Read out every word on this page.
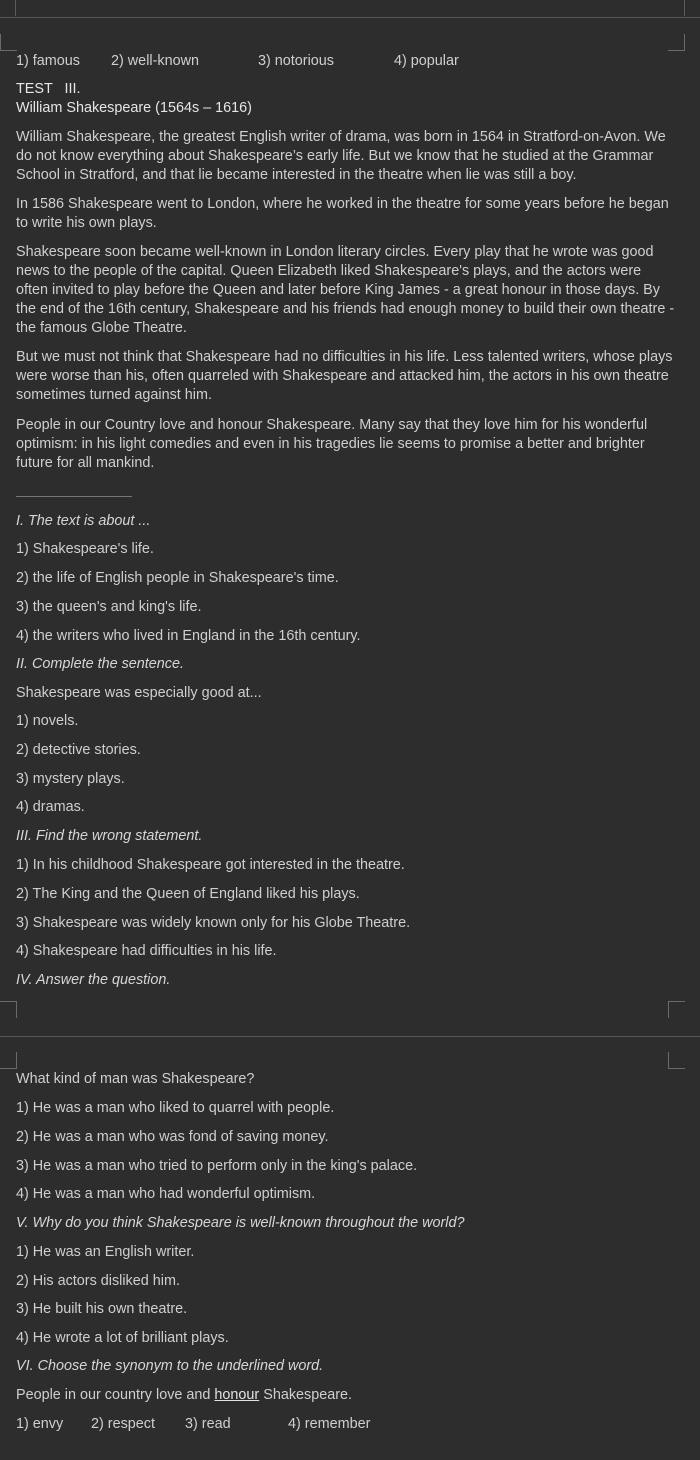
1) famous 2) well-known	3) notorious	4) popular
TEST   III.
William Shakespeare (1564s – 1616)
William Shakespeare, the greatest English writer of drama, was born in 1564 in Stratford-on-Avon. We do not know everything about Shakespeare’s early life. But we know that he studied at the Grammar School in Stratford, and that lie became interested in the theatre when lie was still a boy.
In 1586 Shakespeare went to London, where he worked in the theatre for some years before he began to write his own plays.
Shakespeare soon became well-known in London literary circles. Every play that he wrote was good news to the people of the capital. Queen Elizabeth liked Shakespeare's plays, and the actors were often invited to play before the Queen and later before King James - a great honour in those days. By the end of the 16th century, Shakespeare and his friends had enough money to build their own theatre - the famous Globe Theatre.
But we must not think that Shakespeare had no difficulties in his life. Less talented writers, whose plays were worse than his, often quarreled with Shakespeare and attacked him, the actors in his own theatre sometimes turned against him.
People in our Country love and honour Shakespeare. Many say that they love him for his wonderful optimism: in his light comedies and even in his tragedies lie seems to promise a better and brighter future for all mankind.
I. The text is about ...
1) Shakespeare's life.
2) the life of English people in Shakespeare's time.
3) the queen's and king's life.
4) the writers who lived in England in the 16th century.
II. Complete the sentence.
Shakespeare was especially good at...
1) novels.
2) detective stories.
3) mystery plays.
4) dramas.
III. Find the wrong statement.
1) In his childhood Shakespeare got interested in the theatre.
2) The King and the Queen of England liked his plays.
3) Shakespeare was widely known only for his Globe Theatre.
4) Shakespeare had difficulties in his life.
IV. Answer the question.
What kind of man was Shakespeare?
1) He was a man who liked to quarrel with people.
2) He was a man who was fond of saving money.
3) He was a man who tried to perform only in the king's palace.
4) He was a man who had wonderful optimism.
V. Why do you think Shakespeare is well-known throughout the world?
1) He was an English writer.
2) His actors disliked him.
3) He built his own theatre.
4) He wrote a lot of brilliant plays.
VI. Choose the synonym to the underlined word.
People in our country love and honour Shakespeare.
1) envy 2) respect 3) read	4) remember
